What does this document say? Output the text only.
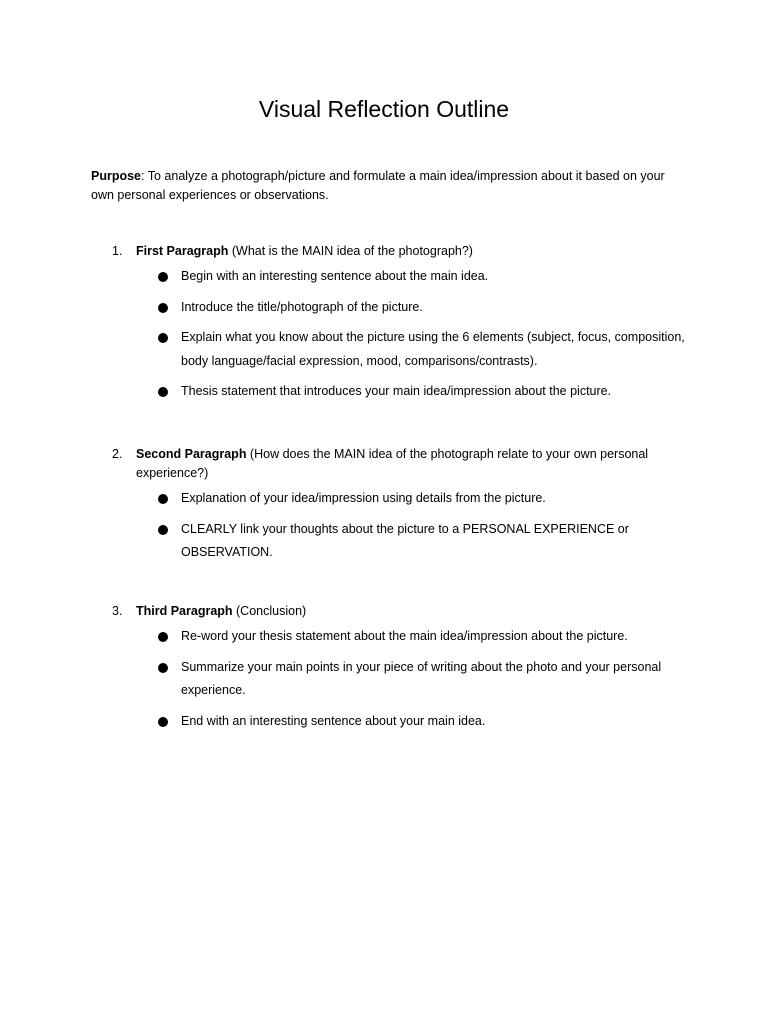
Visual Reflection Outline
Purpose: To analyze a photograph/picture and formulate a main idea/impression about it based on your own personal experiences or observations.
1. First Paragraph (What is the MAIN idea of the photograph?)
Begin with an interesting sentence about the main idea.
Introduce the title/photograph of the picture.
Explain what you know about the picture using the 6 elements (subject, focus, composition, body language/facial expression, mood, comparisons/contrasts).
Thesis statement that introduces your main idea/impression about the picture.
2. Second Paragraph (How does the MAIN idea of the photograph relate to your own personal experience?)
Explanation of your idea/impression using details from the picture.
CLEARLY link your thoughts about the picture to a PERSONAL EXPERIENCE or OBSERVATION.
3. Third Paragraph (Conclusion)
Re-word your thesis statement about the main idea/impression about the picture.
Summarize your main points in your piece of writing about the photo and your personal experience.
End with an interesting sentence about your main idea.
